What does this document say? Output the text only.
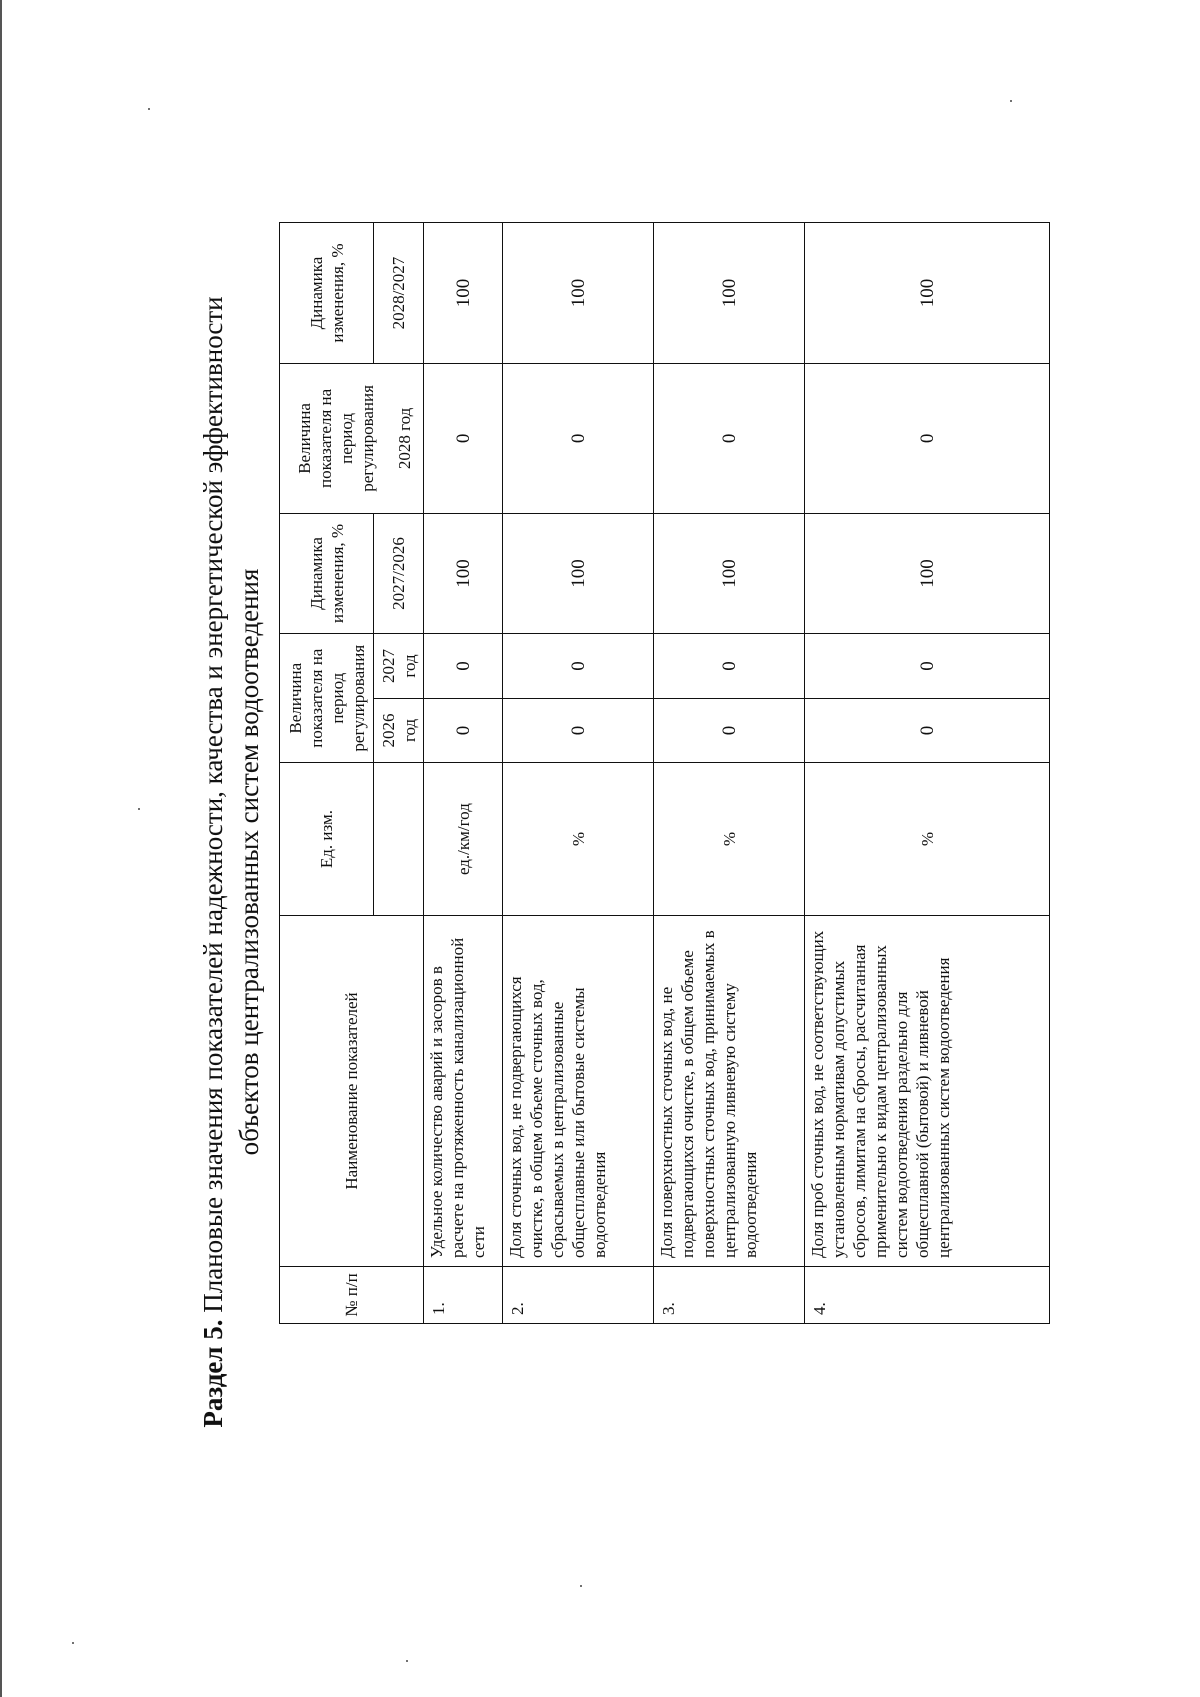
Раздел 5. Плановые значения показателей надежности, качества и энергетической эффективности объектов централизованных систем водоотведения
№ п/п	Наименование показателей	Ед. изм.	Величина показателя на период регулирования		Динамика изменения, %	Величина показателя на период регулирования 2028 год	Динамика изменения, %
			2026 год	2027 год	2027/2026		2028/2027
1.	Удельное количество аварий и засоров в расчете на протяженность канализационной сети	ед./км/год	0	0	100	0	100
2.	Доля сточных вод, не подвергающихся очистке, в общем объеме сточных вод, сбрасываемых в централизованные общесплавные или бытовые системы водоотведения	%	0	0	100	0	100
3.	Доля поверхностных сточных вод, не подвергающихся очистке, в общем объеме поверхностных сточных вод, принимаемых в централизованную ливневую систему водоотведения	%	0	0	100	0	100
4.	Доля проб сточных вод, не соответствующих установленным нормативам допустимых сбросов, лимитам на сбросы, рассчитанная применительно к видам централизованных систем водоотведения раздельно для общесплавной (бытовой) и ливневой централизованных систем водоотведения	%	0	0	100	0	100
